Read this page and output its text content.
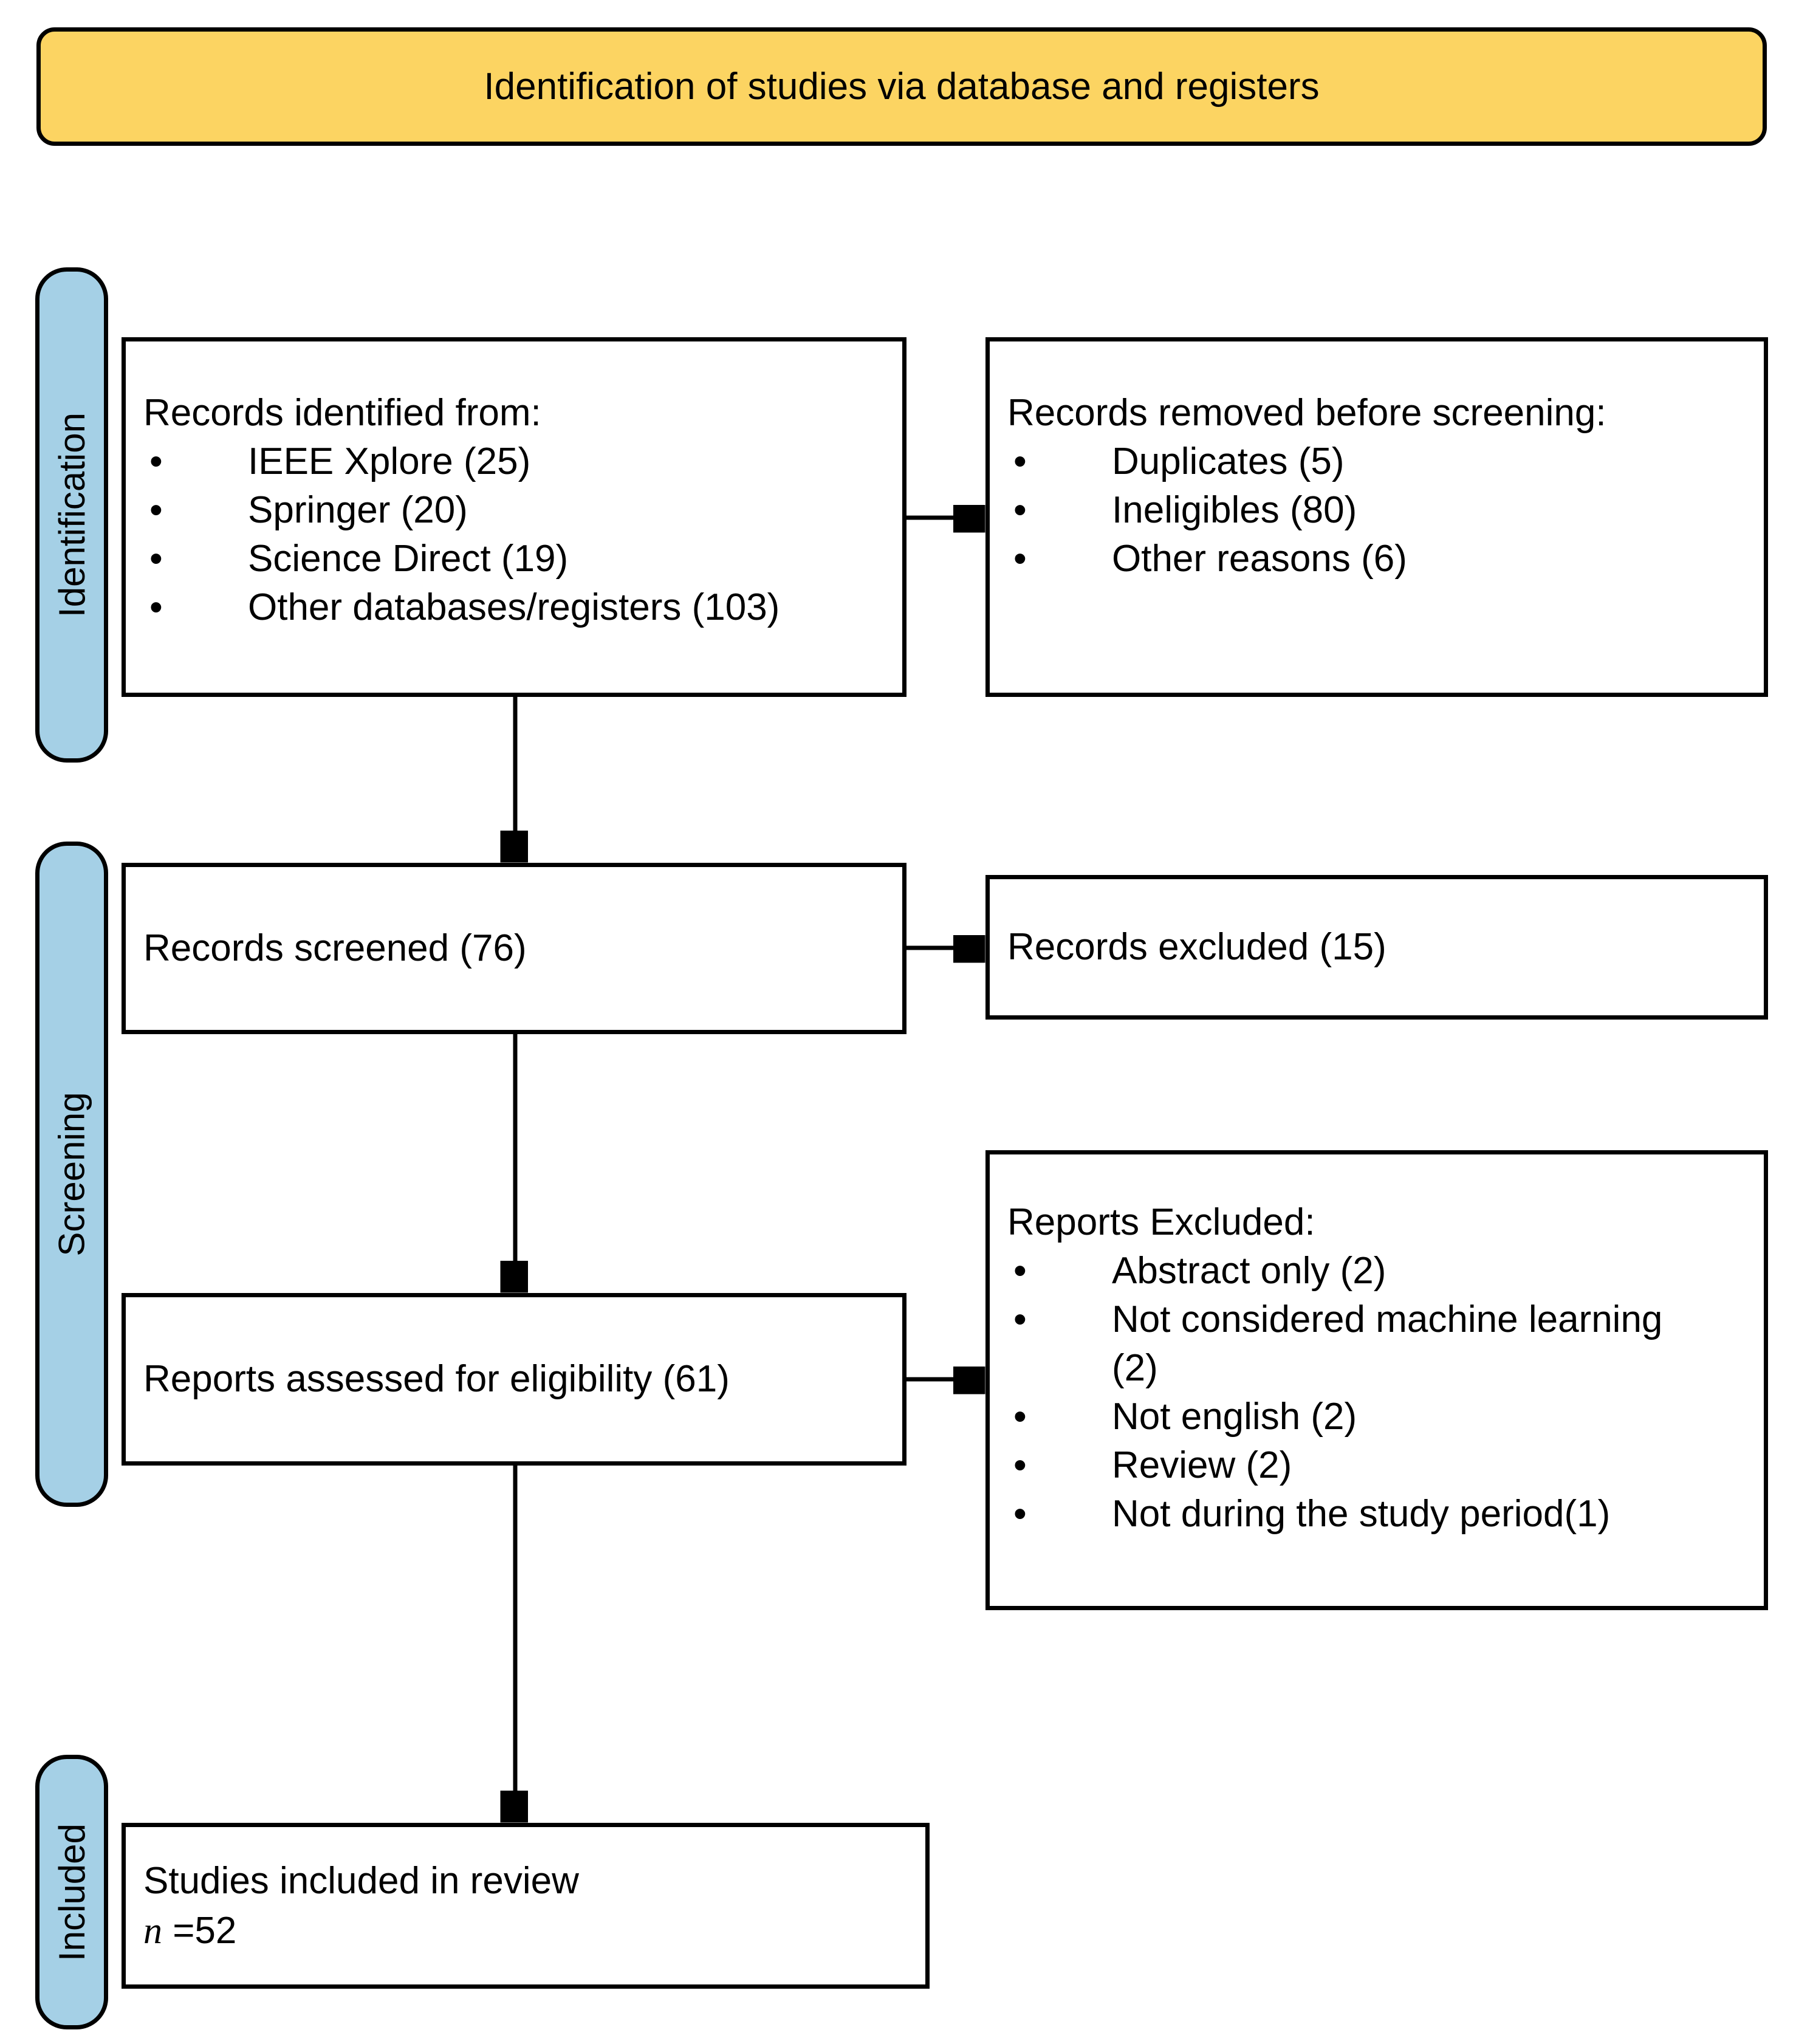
Identification of studies via database and registers
Identification
Screening
Included
Records identified from:
•	IEEE Xplore (25)
•	Springer (20)
•	Science Direct (19)
•	Other databases/registers (103)
Records removed before screening:
•	Duplicates (5)
•	Ineligibles (80)
•	Other reasons (6)
Records screened (76)	Records excluded (15)
Reports assessed for eligibility (61)
Reports Excluded:
•	Abstract only (2)
•	Not considered machine learning (2)
•	Not english (2)
•	Review (2)
•	Not during the study period(1)
Studies included in review
n =52
